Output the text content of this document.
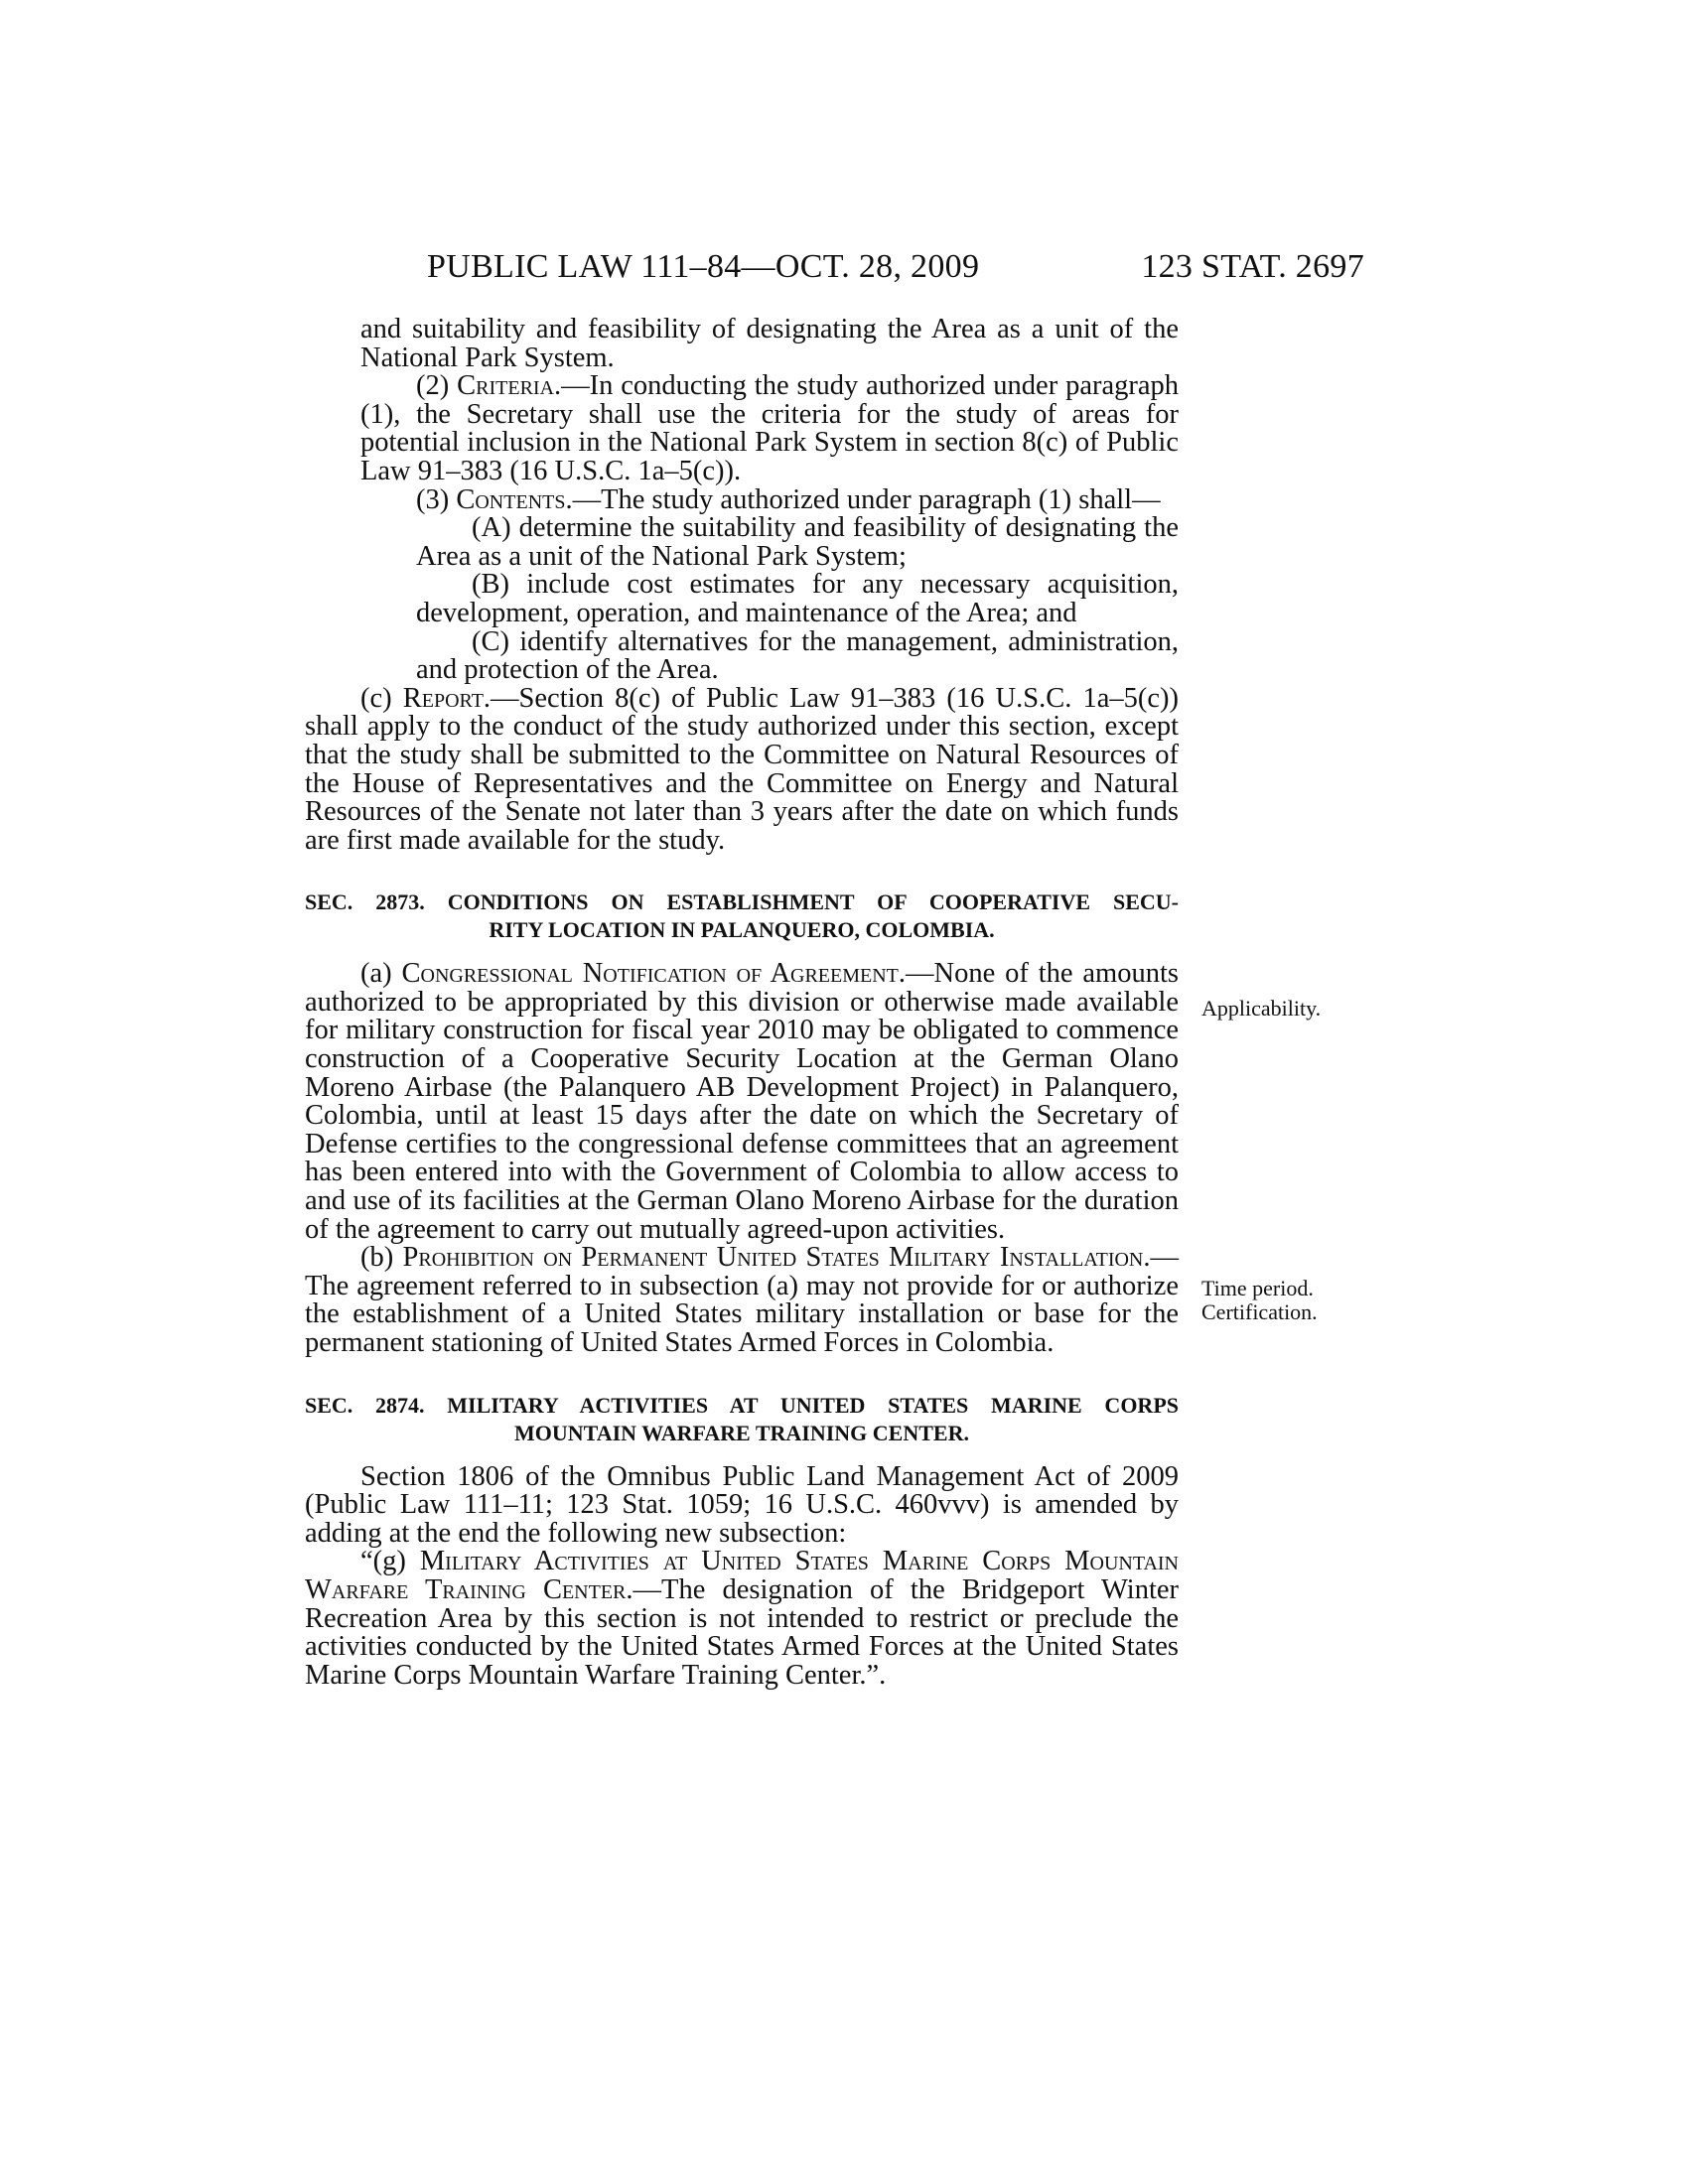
PUBLIC LAW 111–84—OCT. 28, 2009	123 STAT. 2697
Applicability.
Time period.
Certification.

and suitability and feasibility of designating the Area as a unit of the National Park System.

(2) Criteria.—In conducting the study authorized under paragraph (1), the Secretary shall use the criteria for the study of areas for potential inclusion in the National Park System in section 8(c) of Public Law 91–383 (16 U.S.C. 1a–5(c)).

(3) Contents.—The study authorized under paragraph (1) shall—

(A) determine the suitability and feasibility of designating the Area as a unit of the National Park System;

(B) include cost estimates for any necessary acquisition, development, operation, and maintenance of the Area; and

(C) identify alternatives for the management, administration, and protection of the Area.

(c) Report.—Section 8(c) of Public Law 91–383 (16 U.S.C. 1a–5(c)) shall apply to the conduct of the study authorized under this section, except that the study shall be submitted to the Committee on Natural Resources of the House of Representatives and the Committee on Energy and Natural Resources of the Senate not later than 3 years after the date on which funds are first made available for the study.

SEC. 2873. CONDITIONS ON ESTABLISHMENT OF COOPERATIVE SECU-
RITY LOCATION IN PALANQUERO, COLOMBIA.

(a) Congressional Notification of Agreement.—None of the amounts authorized to be appropriated by this division or otherwise made available for military construction for fiscal year 2010 may be obligated to commence construction of a Cooperative Security Location at the German Olano Moreno Airbase (the Palanquero AB Development Project) in Palanquero, Colombia, until at least 15 days after the date on which the Secretary of Defense certifies to the congressional defense committees that an agreement has been entered into with the Government of Colombia to allow access to and use of its facilities at the German Olano Moreno Airbase for the duration of the agreement to carry out mutually agreed-upon activities.

(b) Prohibition on Permanent United States Military Installation.—The agreement referred to in subsection (a) may not provide for or authorize the establishment of a United States military installation or base for the permanent stationing of United States Armed Forces in Colombia.

SEC. 2874. MILITARY ACTIVITIES AT UNITED STATES MARINE CORPS
MOUNTAIN WARFARE TRAINING CENTER.

Section 1806 of the Omnibus Public Land Management Act of 2009 (Public Law 111–11; 123 Stat. 1059; 16 U.S.C. 460vvv) is amended by adding at the end the following new subsection:

“(g) Military Activities at United States Marine Corps Mountain Warfare Training Center.—The designation of the Bridgeport Winter Recreation Area by this section is not intended to restrict or preclude the activities conducted by the United States Armed Forces at the United States Marine Corps Mountain Warfare Training Center.”.
